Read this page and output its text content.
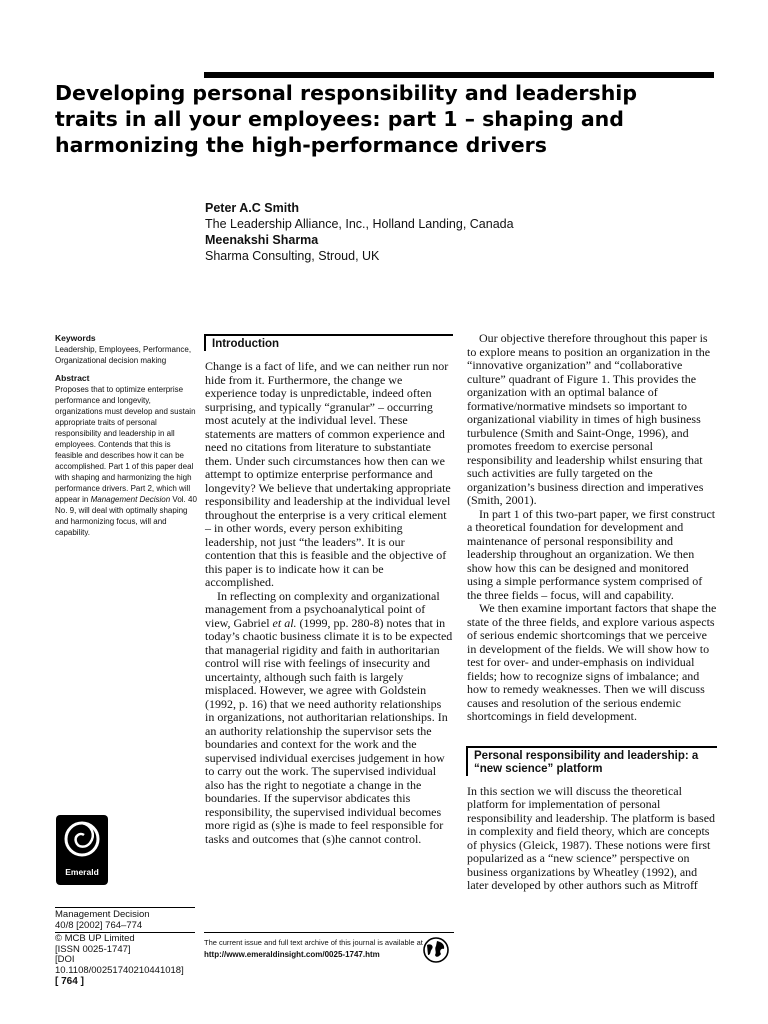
Developing personal responsibility and leadership
traits in all your employees: part 1 – shaping and
harmonizing the high-performance drivers
Peter A.C Smith
The Leadership Alliance, Inc., Holland Landing, Canada
Meenakshi Sharma
Sharma Consulting, Stroud, UK
Keywords
Leadership, Employees, Performance, Organizational decision making
Abstract
Proposes that to optimize enterprise performance and longevity, organizations must develop and sustain appropriate traits of personal responsibility and leadership in all employees. Contends that this is feasible and describes how it can be accomplished. Part 1 of this paper deal with shaping and harmonizing the high performance drivers. Part 2, which will appear in Management Decision Vol. 40 No. 9, will deal with optimally shaping and harmonizing focus, will and capability.
Emerald
Management Decision
40/8 [2002] 764–774
© MCB UP Limited
[ISSN 0025-1747]
[DOI 10.1108/00251740210441018]
[ 764 ]
Introduction

Change is a fact of life, and we can neither run nor hide from it. Furthermore, the change we experience today is unpredictable, indeed often surprising, and typically “granular” – occurring most acutely at the individual level. These statements are matters of common experience and need no citations from literature to substantiate them. Under such circumstances how then can we attempt to optimize enterprise performance and longevity? We believe that undertaking appropriate responsibility and leadership at the individual level throughout the enterprise is a very critical element – in other words, every person exhibiting leadership, not just “the leaders”. It is our contention that this is feasible and the objective of this paper is to indicate how it can be accomplished.

In reflecting on complexity and organizational management from a psychoanalytical point of view, Gabriel et al. (1999, pp. 280-8) notes that in today’s chaotic business climate it is to be expected that managerial rigidity and faith in authoritarian control will rise with feelings of insecurity and uncertainty, although such faith is largely misplaced. However, we agree with Goldstein (1992, p. 16) that we need authority relationships in organizations, not authoritarian relationships. In an authority relationship the supervisor sets the boundaries and context for the work and the supervised individual exercises judgement in how to carry out the work. The supervised individual also has the right to negotiate a change in the boundaries. If the supervisor abdicates this responsibility, the supervised individual becomes more rigid as (s)he is made to feel responsible for tasks and outcomes that (s)he cannot control.

Our objective therefore throughout this paper is to explore means to position an organization in the “innovative organization” and “collaborative culture” quadrant of Figure 1. This provides the organization with an optimal balance of formative/normative mindsets so important to organizational viability in times of high business turbulence (Smith and Saint-Onge, 1996), and promotes freedom to exercise personal responsibility and leadership whilst ensuring that such activities are fully targeted on the organization’s business direction and imperatives (Smith, 2001).

In part 1 of this two-part paper, we first construct a theoretical foundation for development and maintenance of personal responsibility and leadership throughout an organization. We then show how this can be designed and monitored using a simple performance system comprised of the three fields – focus, will and capability.

We then examine important factors that shape the state of the three fields, and explore various aspects of serious endemic shortcomings that we perceive in development of the fields. We will show how to test for over- and under-emphasis on individual fields; how to recognize signs of imbalance; and how to remedy weaknesses. Then we will discuss causes and resolution of the serious endemic shortcomings in field development.

Personal responsibility and leadership: a “new science” platform

In this section we will discuss the theoretical platform for implementation of personal responsibility and leadership. The platform is based in complexity and field theory, which are concepts of physics (Gleick, 1987). These notions were first popularized as a “new science” perspective on business organizations by Wheatley (1992), and later developed by other authors such as Mitroff

The current issue and full text archive of this journal is available at
http://www.emeraldinsight.com/0025-1747.htm
